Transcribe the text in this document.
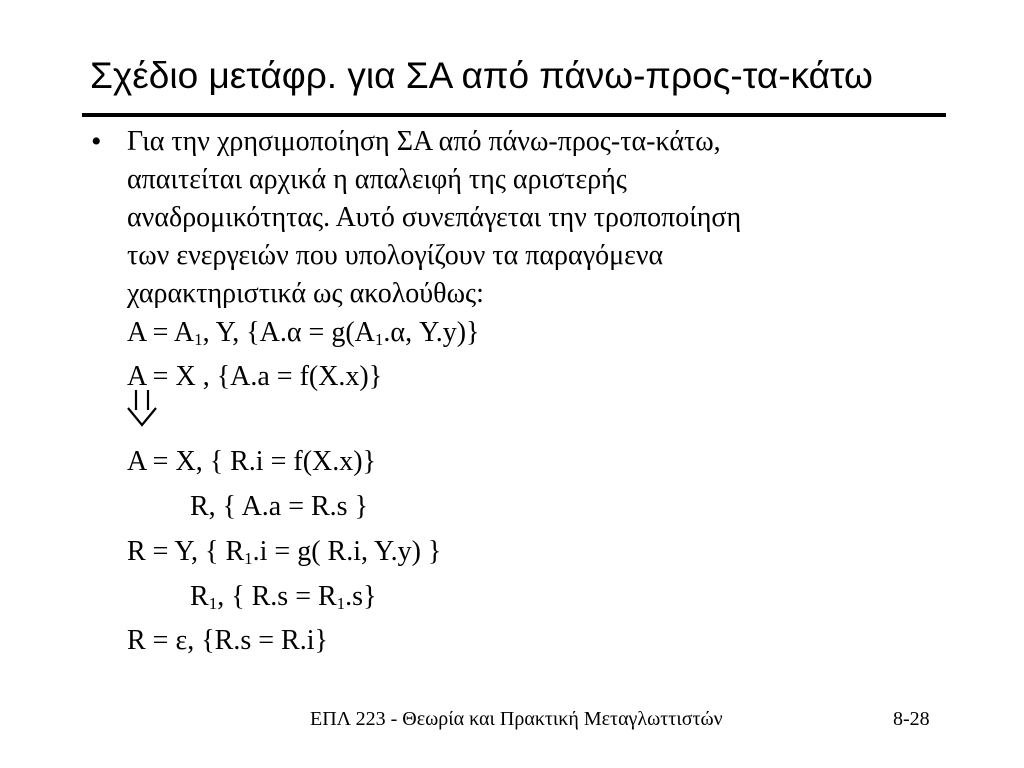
Σχέδιο μετάφρ. για ΣΑ από πάνω-προς-τα-κάτω
• Για την χρησιμοποίηση ΣΑ από πάνω-προς-τα-κάτω,
απαιτείται αρχικά η απαλειφή της αριστερής
αναδρομικότητας. Αυτό συνεπάγεται την τροποποίηση
των ενεργειών που υπολογίζουν τα παραγόμενα
χαρακτηριστικά ως ακολούθως:
$A = A_1$, Y, {$A.\alpha = g(A_1.\alpha$, Y.y)}
A = X , {A.a = f(X.x)}
A = X, { R.i = f(X.x)}
R, { A.a = R.s }
R = Y, { $R_1.i = g$( R.i, Y.y) }
$R_1$, { $R.s = R_1.s$}
R = ε, {R.s = R.i}
ΕΠΛ 223 - Θεωρία και Πρακτική Μεταγλωττιστών	8-28
